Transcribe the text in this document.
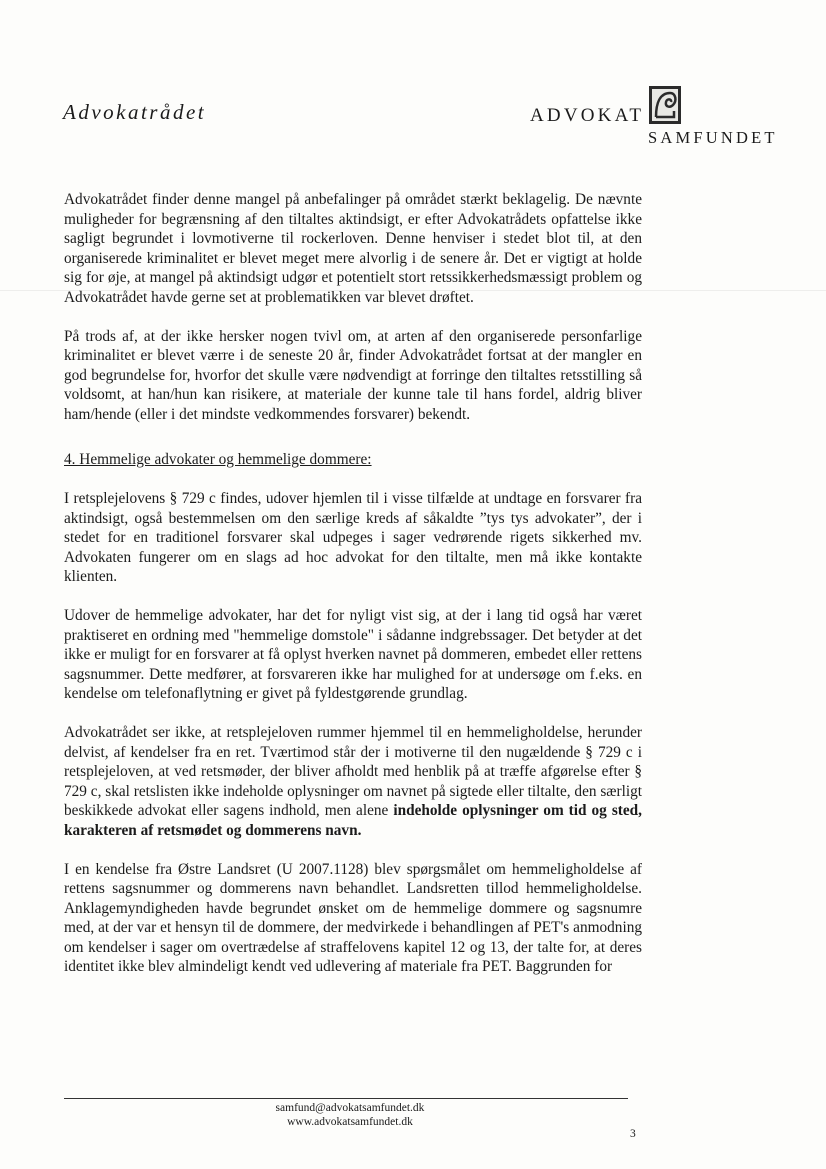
Advokatrådet	ADVOKAT
SAMFUNDET

Advokatrådet finder denne mangel på anbefalinger på området stærkt beklagelig. De nævnte muligheder for begrænsning af den tiltaltes aktindsigt, er efter Advokatrådets opfattelse ikke sagligt begrundet i lovmotiverne til rockerloven. Denne henviser i stedet blot til, at den organiserede kriminalitet er blevet meget mere alvorlig i de senere år. Det er vigtigt at holde sig for øje, at mangel på aktindsigt udgør et potentielt stort retssikkerhedsmæssigt problem og Advokatrådet havde gerne set at problematikken var blevet drøftet.

På trods af, at der ikke hersker nogen tvivl om, at arten af den organiserede personfarlige kriminalitet er blevet værre i de seneste 20 år, finder Advokatrådet fortsat at der mangler en god begrundelse for, hvorfor det skulle være nødvendigt at forringe den tiltaltes retsstilling så voldsomt, at han/hun kan risikere, at materiale der kunne tale til hans fordel, aldrig bliver ham/hende (eller i det mindste vedkommendes forsvarer) bekendt.

4. Hemmelige advokater og hemmelige dommere:

I retsplejelovens § 729 c findes, udover hjemlen til i visse tilfælde at undtage en forsvarer fra aktindsigt, også bestemmelsen om den særlige kreds af såkaldte ”tys tys advokater”, der i stedet for en traditionel forsvarer skal udpeges i sager vedrørende rigets sikkerhed mv. Advokaten fungerer om en slags ad hoc advokat for den tiltalte, men må ikke kontakte klienten.

Udover de hemmelige advokater, har det for nyligt vist sig, at der i lang tid også har været praktiseret en ordning med "hemmelige domstole" i sådanne indgrebssager. Det betyder at det ikke er muligt for en forsvarer at få oplyst hverken navnet på dommeren, embedet eller rettens sagsnummer. Dette medfører, at forsvareren ikke har mulighed for at undersøge om f.eks. en kendelse om telefonaflytning er givet på fyldestgørende grundlag.

Advokatrådet ser ikke, at retsplejeloven rummer hjemmel til en hemmeligholdelse, herunder delvist, af kendelser fra en ret. Tværtimod står der i motiverne til den nugældende § 729 c i retsplejeloven, at ved retsmøder, der bliver afholdt med henblik på at træffe afgørelse efter § 729 c, skal retslisten ikke indeholde oplysninger om navnet på sigtede eller tiltalte, den særligt beskikkede advokat eller sagens indhold, men alene indeholde oplysninger om tid og sted, karakteren af retsmødet og dommerens navn.

I en kendelse fra Østre Landsret (U 2007.1128) blev spørgsmålet om hemmeligholdelse af rettens sagsnummer og dommerens navn behandlet. Landsretten tillod hemmeligholdelse. Anklagemyndigheden havde begrundet ønsket om de hemmelige dommere og sagsnumre med, at der var et hensyn til de dommere, der medvirkede i behandlingen af PET's anmodning om kendelser i sager om overtrædelse af straffelovens kapitel 12 og 13, der talte for, at deres identitet ikke blev almindeligt kendt ved udlevering af materiale fra PET. Baggrunden for

samfund@advokatsamfundet.dk
www.advokatsamfundet.dk
3
